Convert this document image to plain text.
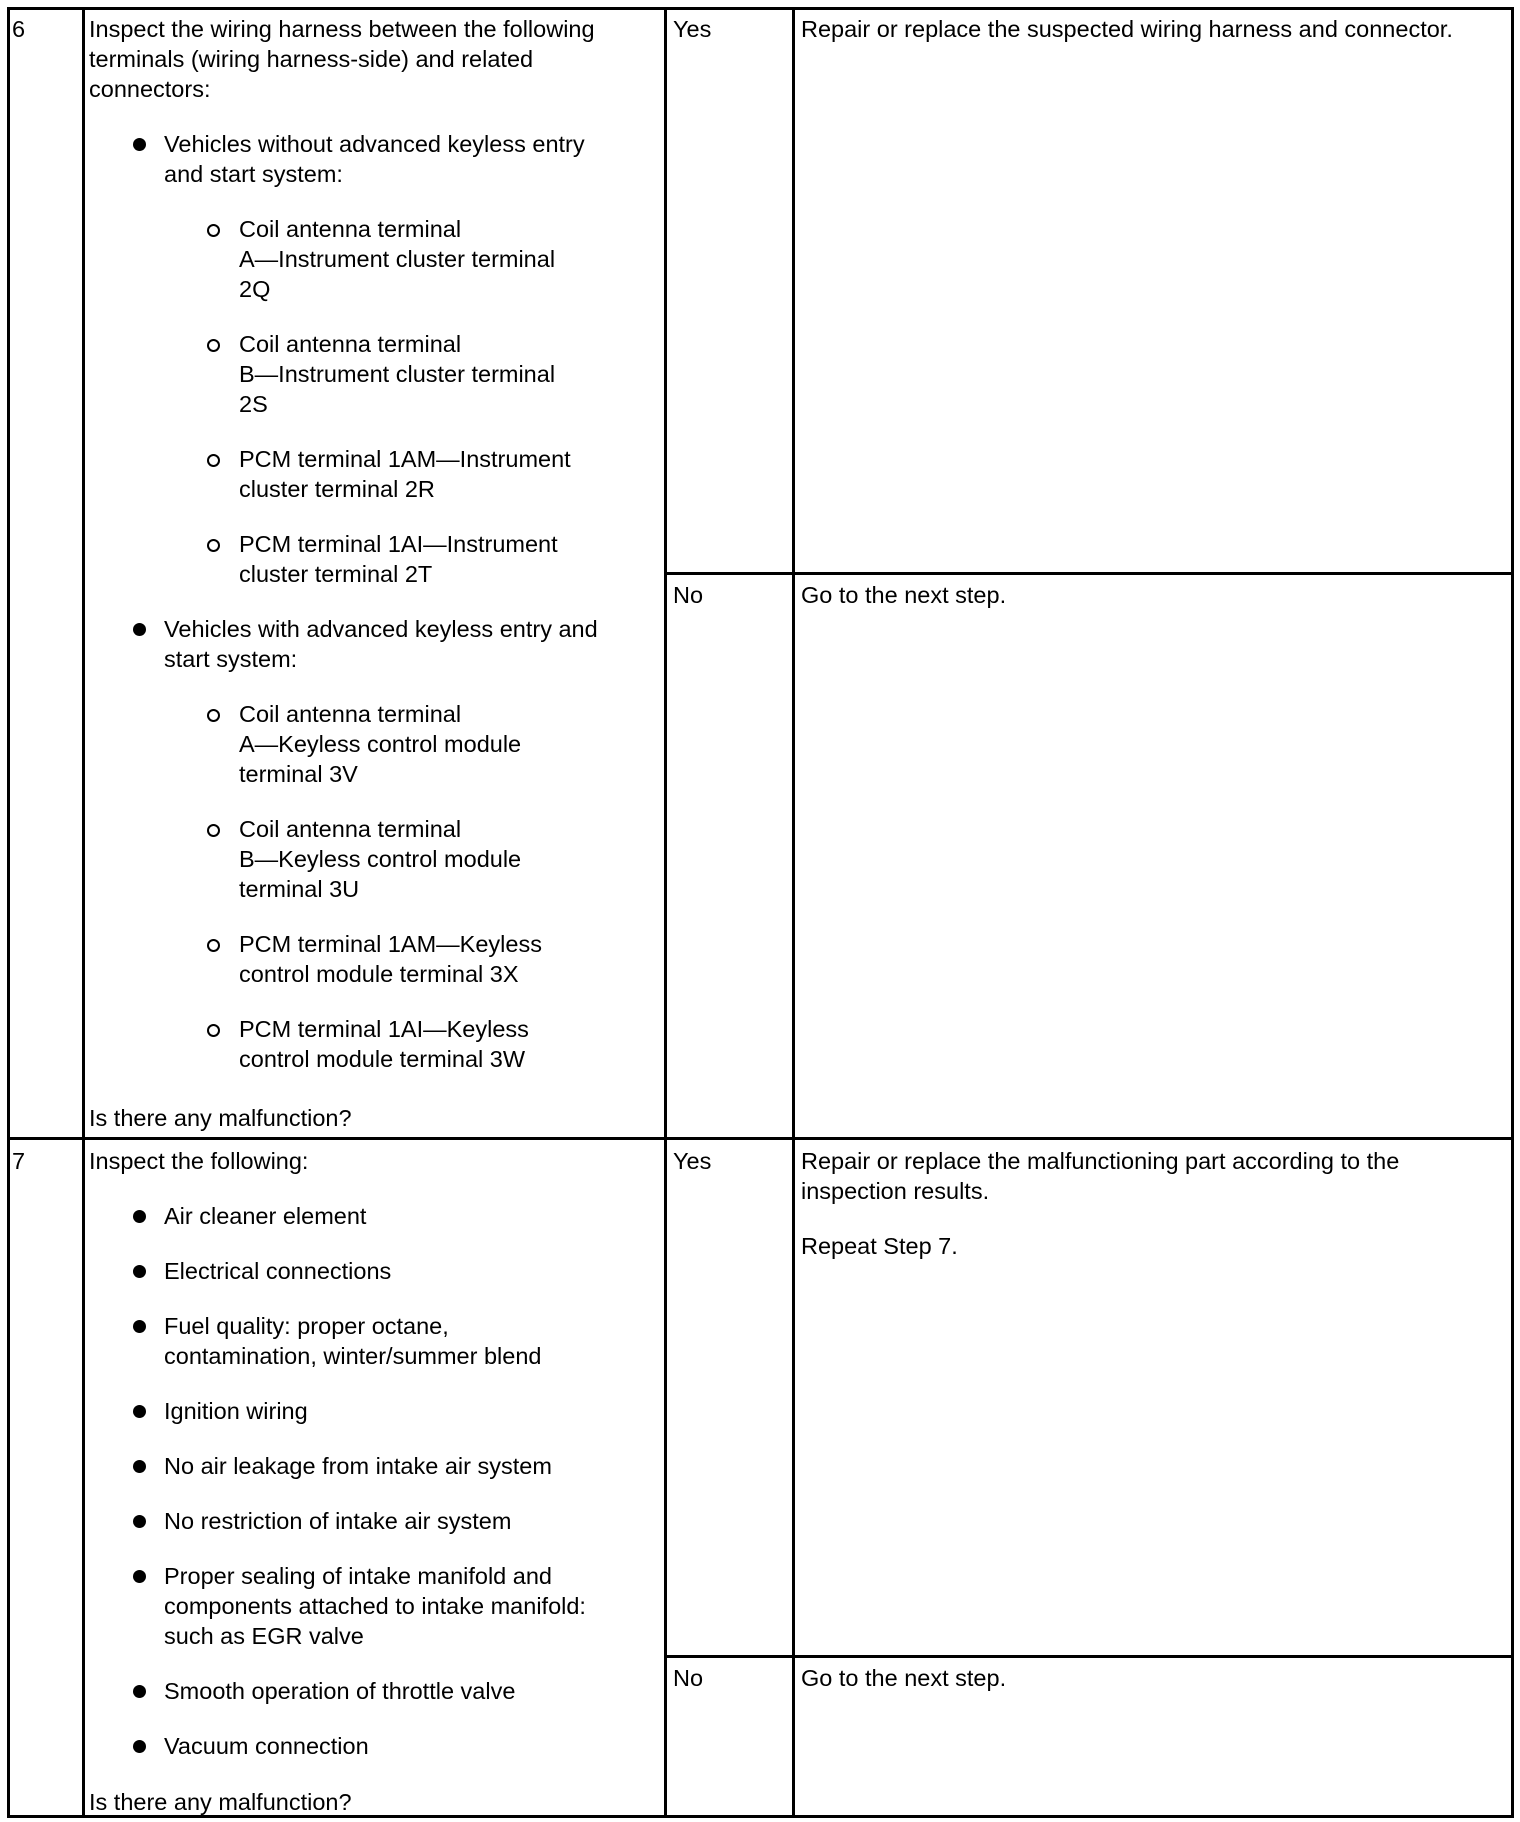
6	Inspect the wiring harness between the following
terminals (wiring harness-side) and related
connectors:
Vehicles without advanced keyless entry
and start system:
Coil antenna terminal
A—Instrument cluster terminal
2Q
Coil antenna terminal
B—Instrument cluster terminal
2S
PCM terminal 1AM—Instrument
cluster terminal 2R
PCM terminal 1AI—Instrument
cluster terminal 2T
Vehicles with advanced keyless entry and
start system:
Coil antenna terminal
A—Keyless control module
terminal 3V
Coil antenna terminal
B—Keyless control module
terminal 3U
PCM terminal 1AM—Keyless
control module terminal 3X
PCM terminal 1AI—Keyless
control module terminal 3W
Is there any malfunction?
Yes	Repair or replace the suspected wiring harness and connector.
No	Go to the next step.
7	Inspect the following:
Air cleaner element
Electrical connections
Fuel quality: proper octane,
contamination, winter/summer blend
Ignition wiring
No air leakage from intake air system
No restriction of intake air system
Proper sealing of intake manifold and
components attached to intake manifold:
such as EGR valve
Smooth operation of throttle valve
Vacuum connection
Is there any malfunction?
Yes	Repair or replace the malfunctioning part according to the
inspection results.
Repeat Step 7.
No	Go to the next step.
